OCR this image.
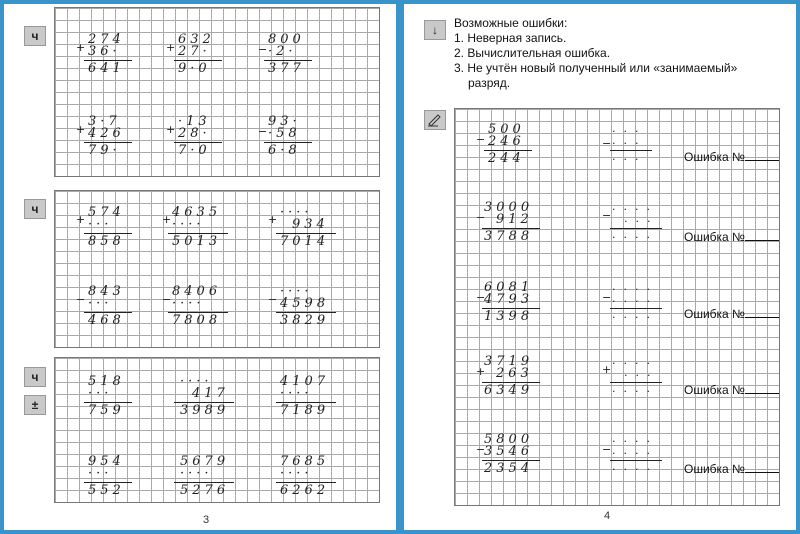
ч
ч
ч
±
+
274
36·
641
+
632
27·
9·0
−
800
·2·
377
+
3·7
426
79·
+
·13
28·
7·0
−
93·
·58
6·8
+ 574
···
858
+ 4635
····
5013
+ ····
934
7014
−
843
···
468
−
8406
····
7808
−
····
4598
3829
518
···
759
····
417
3989
4107
····
7189
954
···
552
5679
····
5276
7685
····
6262
3
↓	Возможные ошибки:
1. Неверная запись.
2. Вычислительная ошибка.
3. Не учтён новый полученный или «занимаемый»
разряд.
−
500
246
244
−
···
···
···	Ошибка №
−
3000
912
3788
− ····
···
···· Ошибка №
−
6081
4793
1398
−
····
····
···· Ошибка №
+
3719
263
6349
+ ····
···
···· Ошибка №
−
5800
3546
2354
−
····
····
···· Ошибка №
4
